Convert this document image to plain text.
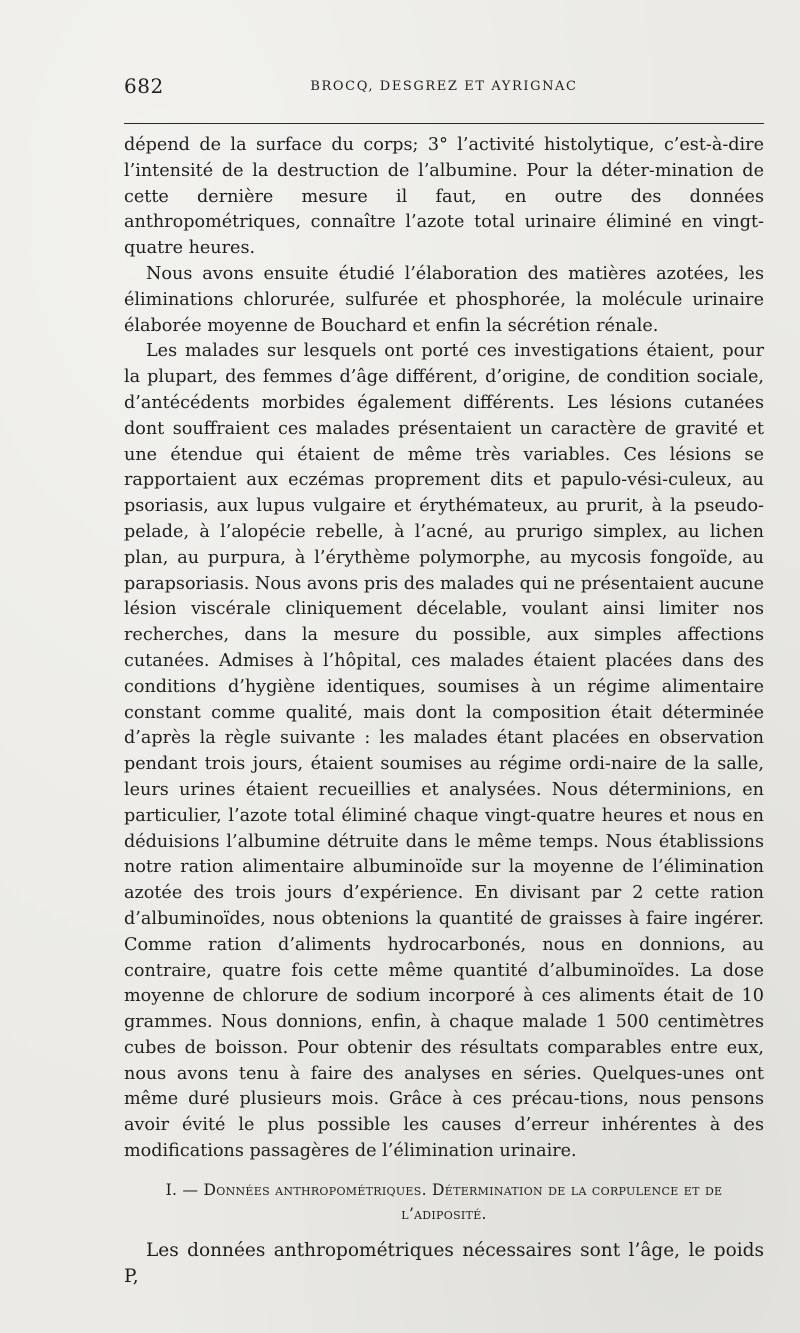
682	BROCQ, DESGREZ ET AYRIGNAC

dépend de la surface du corps; 3° l’activité histolytique, c’est-à-dire l’intensité de la destruction de l’albumine. Pour la déter-mination de cette dernière mesure il faut, en outre des données anthropométriques, connaître l’azote total urinaire éliminé en vingt-quatre heures.

Nous avons ensuite étudié l’élaboration des matières azotées, les éliminations chlorurée, sulfurée et phosphorée, la molécule urinaire élaborée moyenne de Bouchard et enfin la sécrétion rénale.

Les malades sur lesquels ont porté ces investigations étaient, pour la plupart, des femmes d’âge différent, d’origine, de condition sociale, d’antécédents morbides également différents. Les lésions cutanées dont souffraient ces malades présentaient un caractère de gravité et une étendue qui étaient de même très variables. Ces lésions se rapportaient aux eczémas proprement dits et papulo-vési-culeux, au psoriasis, aux lupus vulgaire et érythémateux, au prurit, à la pseudo-pelade, à l’alopécie rebelle, à l’acné, au prurigo simplex, au lichen plan, au purpura, à l’érythème polymorphe, au mycosis fongoïde, au parapsoriasis. Nous avons pris des malades qui ne présentaient aucune lésion viscérale cliniquement décelable, voulant ainsi limiter nos recherches, dans la mesure du possible, aux simples affections cutanées. Admises à l’hôpital, ces malades étaient placées dans des conditions d’hygiène identiques, soumises à un régime alimentaire constant comme qualité, mais dont la composition était déterminée d’après la règle suivante : les malades étant placées en observation pendant trois jours, étaient soumises au régime ordi-naire de la salle, leurs urines étaient recueillies et analysées. Nous déterminions, en particulier, l’azote total éliminé chaque vingt-quatre heures et nous en déduisions l’albumine détruite dans le même temps. Nous établissions notre ration alimentaire albuminoïde sur la moyenne de l’élimination azotée des trois jours d’expérience. En divisant par 2 cette ration d’albuminoïdes, nous obtenions la quantité de graisses à faire ingérer. Comme ration d’aliments hydrocarbonés, nous en donnions, au contraire, quatre fois cette même quantité d’albuminoïdes. La dose moyenne de chlorure de sodium incorporé à ces aliments était de 10 grammes. Nous donnions, enfin, à chaque malade 1 500 centimètres cubes de boisson. Pour obtenir des résultats comparables entre eux, nous avons tenu à faire des analyses en séries. Quelques-unes ont même duré plusieurs mois. Grâce à ces précau-tions, nous pensons avoir évité le plus possible les causes d’erreur inhérentes à des modifications passagères de l’élimination urinaire.

I. — Données anthropométriques. Détermination de la corpulence et de l’adiposité.

Les données anthropométriques nécessaires sont l’âge, le poids P,
